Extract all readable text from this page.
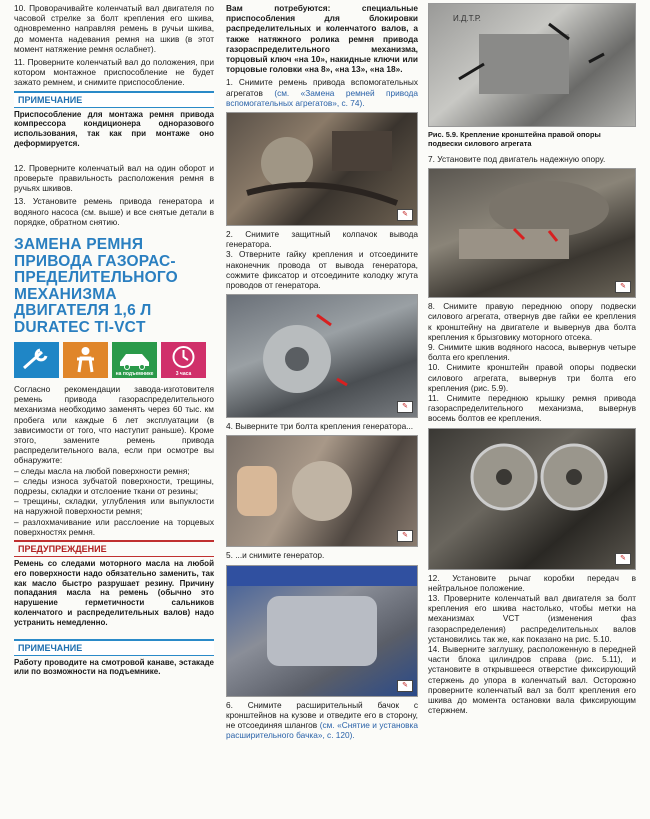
10. Проворачивайте коленчатый вал двигателя по часовой стрелке за болт крепления его шкива, одновременно направляя ремень в ручьи шкива, до момента надевания ремня на шкив (в этот момент натяжение ремня ослабнет).

11. Проверните коленчатый вал до положения, при котором монтажное приспособление не будет зажато ремнем, и снимите приспособление.

ПРИМЕЧАНИЕ

Приспособление для монтажа ремня привода компрессора кондиционера одноразового использования, так как при монтаже оно деформируется.

12. Проверните коленчатый вал на один оборот и проверьте правильность расположения ремня в ручьях шкивов.

13. Установите ремень привода генератора и водяного насоса (см. выше) и все снятые детали в порядке, обратном снятию.

ЗАМЕНА РЕМНЯ ПРИВОДА ГАЗОРАС-ПРЕДЕЛИТЕЛЬНОГО МЕХАНИЗМА ДВИГАТЕЛЯ 1,6 Л DURATEC TI-VCT
на подъемнике	3 часа

Согласно рекомендации завода-изготовителя ремень привода газораспределительного механизма необходимо заменять через 60 тыс. км пробега или каждые 6 лет эксплуатации (в зависимости от того, что наступит раньше). Кроме этого, замените ремень привода распределительного вала, если при осмотре вы обнаружите:

– следы масла на любой поверхности ремня;

– следы износа зубчатой поверхности, трещины, подрезы, складки и отслоение ткани от резины;

– трещины, складки, углубления или выпуклости на наружной поверхности ремня;

– разлохмачивание или расслоение на торцевых поверхностях ремня.

ПРЕДУПРЕЖДЕНИЕ

Ремень со следами моторного масла на любой его поверхности надо обязательно заменить, так как масло быстро разрушает резину. Причину попадания масла на ремень (обычно это нарушение герметичности сальников коленчатого и распределительных валов) надо устранить немедленно.

ПРИМЕЧАНИЕ

Работу проводите на смотровой канаве, эстакаде или по возможности на подъемнике.

Вам потребуются: специальные приспособления для блокировки распределительных и коленчатого валов, а также натяжного ролика ремня привода газораспределительного механизма, торцовый ключ «на 10», накидные ключи или торцовые головки «на 8», «на 13», «на 18».

1. Снимите ремень привода вспомогательных агрегатов (см. «Замена ремней привода вспомогательных агрегатов», с. 74).

✎

2. Снимите защитный колпачок вывода генератора.

3. Отверните гайку крепления и отсоедините наконечник провода от вывода генератора, сожмите фиксатор и отсоедините колодку жгута проводов от генератора.

✎

4. Выверните три болта крепления генератора...

✎

5. ...и снимите генератор.

✎

6. Снимите расширительный бачок с кронштейнов на кузове и отведите его в сторону, не отсоединяя шлангов (см. «Снятие и установка расширительного бачка», с. 120).

И.Д.Т.Р.
Рис. 5.9. Крепление кронштейна правой опоры подвески силового агрегата

7. Установите под двигатель надежную опору.

✎

8. Снимите правую переднюю опору подвески силового агрегата, отвернув две гайки ее крепления к кронштейну на двигателе и вывернув два болта крепления к брызговику моторного отсека.

9. Снимите шкив водяного насоса, вывернув четыре болта его крепления.

10. Снимите кронштейн правой опоры подвески силового агрегата, вывернув три болта его крепления (рис. 5.9).

11. Снимите переднюю крышку ремня привода газораспределительного механизма, вывернув восемь болтов ее крепления.

✎

12. Установите рычаг коробки передач в нейтральное положение.

13. Проверните коленчатый вал двигателя за болт крепления его шкива настолько, чтобы метки на механизмах VCT (изменения фаз газораспределения) распределительных валов установились так же, как показано на рис. 5.10.

14. Выверните заглушку, расположенную в передней части блока цилиндров справа (рис. 5.11), и установите в открывшееся отверстие фиксирующий стержень до упора в коленчатый вал. Осторожно проверните коленчатый вал за болт крепления его шкива до момента остановки вала фиксирующим стержнем.
